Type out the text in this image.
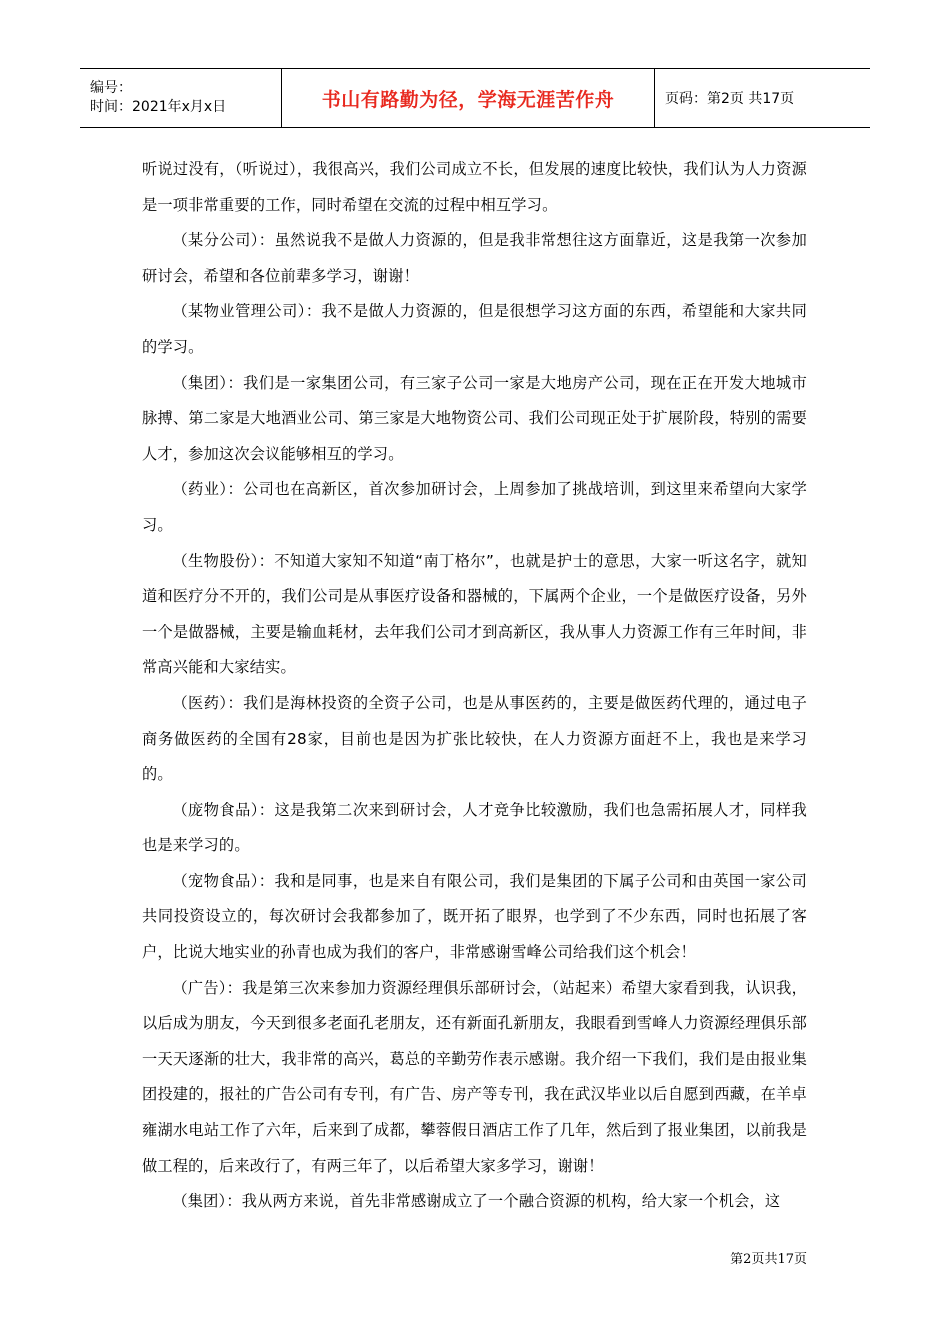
编号：
时间：2021年x月x日	书山有路勤为径，学海无涯苦作舟	页码：第2页 共17页

听说过没有，（听说过），我很高兴，我们公司成立不长，但发展的速度比较快，我们认为人力资源是一项非常重要的工作，同时希望在交流的过程中相互学习。

（某分公司）：虽然说我不是做人力资源的，但是我非常想往这方面靠近，这是我第一次参加研讨会，希望和各位前辈多学习，谢谢！

（某物业管理公司）：我不是做人力资源的，但是很想学习这方面的东西，希望能和大家共同的学习。

（集团）：我们是一家集团公司，有三家子公司一家是大地房产公司，现在正在开发大地城市脉搏、第二家是大地酒业公司、第三家是大地物资公司、我们公司现正处于扩展阶段，特别的需要人才，参加这次会议能够相互的学习。

（药业）：公司也在高新区，首次参加研讨会，上周参加了挑战培训，到这里来希望向大家学习。

（生物股份）：不知道大家知不知道“南丁格尔”，也就是护士的意思，大家一听这名字，就知道和医疗分不开的，我们公司是从事医疗设备和器械的，下属两个企业，一个是做医疗设备，另外一个是做器械，主要是输血耗材，去年我们公司才到高新区，我从事人力资源工作有三年时间，非常高兴能和大家结实。

（医药）：我们是海林投资的全资子公司，也是从事医药的，主要是做医药代理的，通过电子商务做医药的全国有28家，目前也是因为扩张比较快，在人力资源方面赶不上，我也是来学习的。

（庞物食品）：这是我第二次来到研讨会，人才竞争比较激励，我们也急需拓展人才，同样我也是来学习的。

（宠物食品）：我和是同事，也是来自有限公司，我们是集团的下属子公司和由英国一家公司共同投资设立的，每次研讨会我都参加了，既开拓了眼界，也学到了不少东西，同时也拓展了客户，比说大地实业的孙青也成为我们的客户，非常感谢雪峰公司给我们这个机会！

（广告）：我是第三次来参加力资源经理俱乐部研讨会，（站起来）希望大家看到我，认识我，以后成为朋友，今天到很多老面孔老朋友，还有新面孔新朋友，我眼看到雪峰人力资源经理俱乐部一天天逐渐的壮大，我非常的高兴，葛总的辛勤劳作表示感谢。我介绍一下我们，我们是由报业集团投建的，报社的广告公司有专刊，有广告、房产等专刊，我在武汉毕业以后自愿到西藏，在羊卓雍湖水电站工作了六年，后来到了成都，攀蓉假日酒店工作了几年，然后到了报业集团，以前我是做工程的，后来改行了，有两三年了，以后希望大家多学习，谢谢！

（集团）：我从两方来说，首先非常感谢成立了一个融合资源的机构，给大家一个机会，这

第2页共17页
